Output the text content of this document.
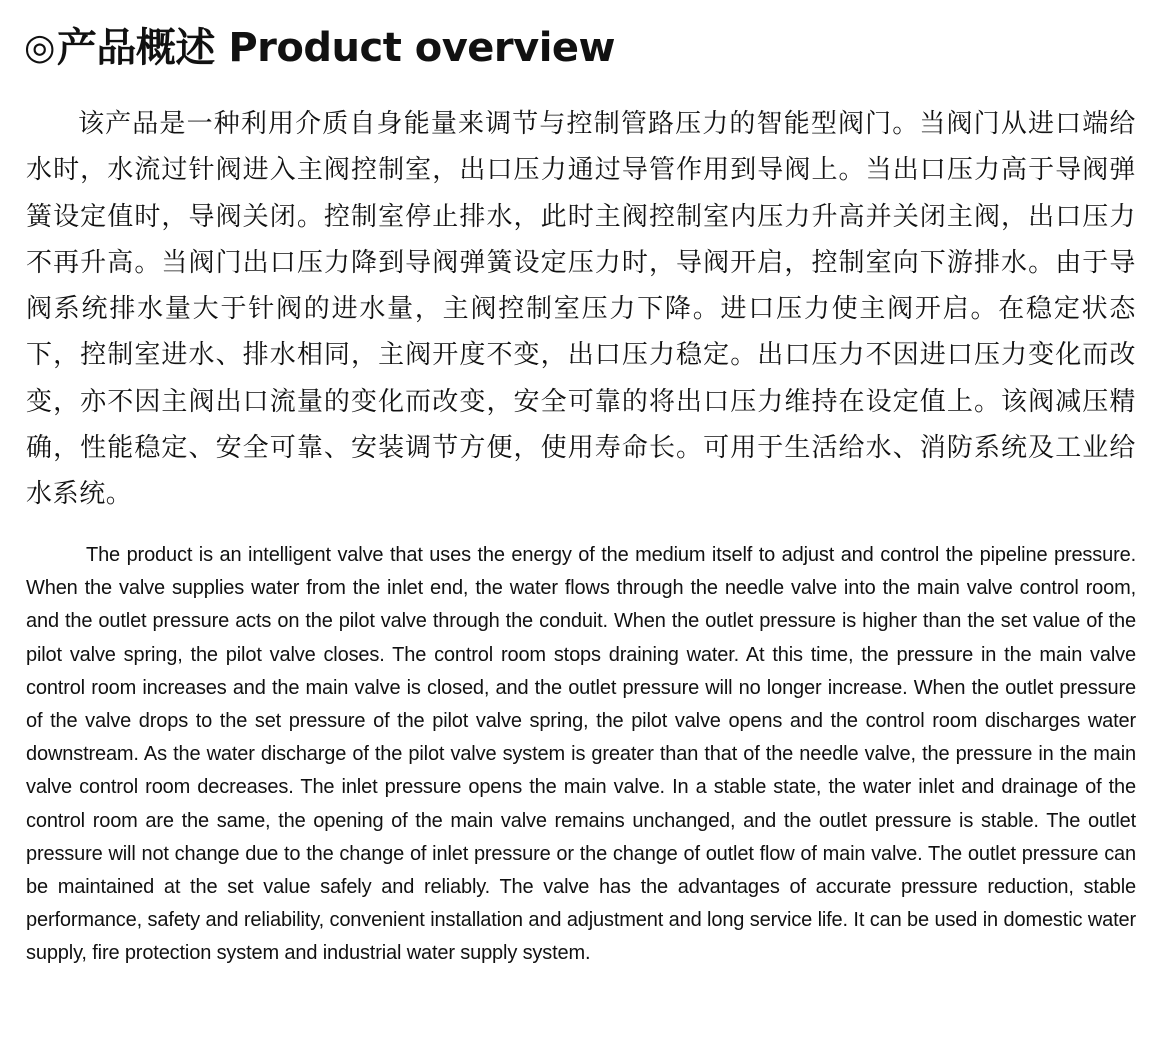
◎ 产品概述 Product overview

该产品是一种利用介质自身能量来调节与控制管路压力的智能型阀门。当阀门从进口端给水时，水流过针阀进入主阀控制室，出口压力通过导管作用到导阀上。当出口压力高于导阀弹簧设定值时，导阀关闭。控制室停止排水，此时主阀控制室内压力升高并关闭主阀，出口压力不再升高。当阀门出口压力降到导阀弹簧设定压力时，导阀开启，控制室向下游排水。由于导阀系统排水量大于针阀的进水量，主阀控制室压力下降。进口压力使主阀开启。在稳定状态下，控制室进水、排水相同，主阀开度不变，出口压力稳定。出口压力不因进口压力变化而改变，亦不因主阀出口流量的变化而改变，安全可靠的将出口压力维持在设定值上。该阀减压精确，性能稳定、安全可靠、安装调节方便，使用寿命长。可用于生活给水、消防系统及工业给水系统。

The product is an intelligent valve that uses the energy of the medium itself to adjust and control the pipeline pressure. When the valve supplies water from the inlet end, the water flows through the needle valve into the main valve control room, and the outlet pressure acts on the pilot valve through the conduit. When the outlet pressure is higher than the set value of the pilot valve spring, the pilot valve closes. The control room stops draining water. At this time, the pressure in the main valve control room increases and the main valve is closed, and the outlet pressure will no longer increase. When the outlet pressure of the valve drops to the set pressure of the pilot valve spring, the pilot valve opens and the control room discharges water downstream. As the water discharge of the pilot valve system is greater than that of the needle valve, the pressure in the main valve control room decreases. The inlet pressure opens the main valve. In a stable state, the water inlet and drainage of the control room are the same, the opening of the main valve remains unchanged, and the outlet pressure is stable. The outlet pressure will not change due to the change of inlet pressure or the change of outlet flow of main valve. The outlet pressure can be maintained at the set value safely and reliably. The valve has the advantages of accurate pressure reduction, stable performance, safety and reliability, convenient installation and adjustment and long service life. It can be used in domestic water supply, fire protection system and industrial water supply system.
